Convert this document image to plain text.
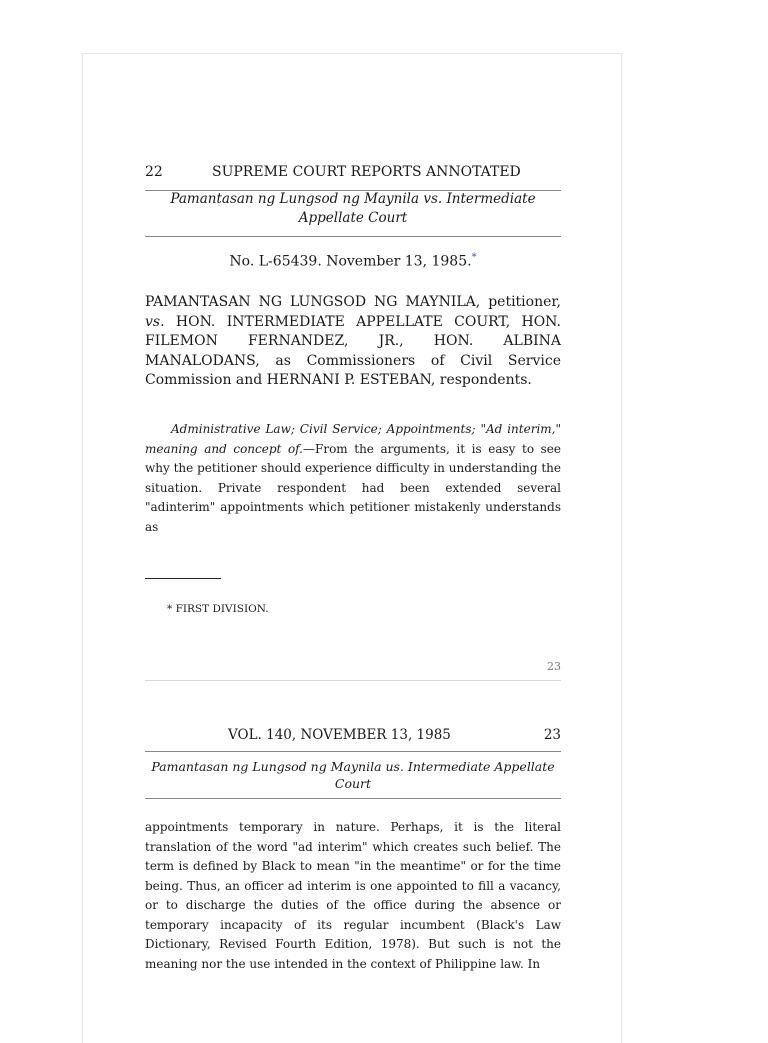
22	SUPREME COURT REPORTS ANNOTATED
Pamantasan ng Lungsod ng Maynila vs. Intermediate
Appellate Court
No. L-65439. November 13, 1985.*
PAMANTASAN NG LUNGSOD NG MAYNILA, petitioner, vs. HON. INTERMEDIATE APPELLATE COURT, HON. FILEMON FERNANDEZ, JR., HON. ALBINA MANALODANS, as Commissioners of Civil Service Commission and HERNANI P. ESTEBAN, respondents.
Administrative Law; Civil Service; Appointments; "Ad interim," meaning and concept of.—From the arguments, it is easy to see why the petitioner should experience difficulty in understanding the situation. Private respondent had been extended several "adinterim" appointments which petitioner mistakenly understands as
* FIRST DIVISION.
23
VOL. 140, NOVEMBER 13, 1985	23
Pamantasan ng Lungsod ng Maynila us. Intermediate Appellate
Court
appointments temporary in nature. Perhaps, it is the literal translation of the word "ad interim" which creates such belief. The term is defined by Black to mean "in the meantime" or for the time being. Thus, an officer ad interim is one appointed to fill a vacancy, or to discharge the duties of the office during the absence or temporary incapacity of its regular incumbent (Black's Law Dictionary, Revised Fourth Edition, 1978). But such is not the meaning nor the use intended in the context of Philippine law. In
